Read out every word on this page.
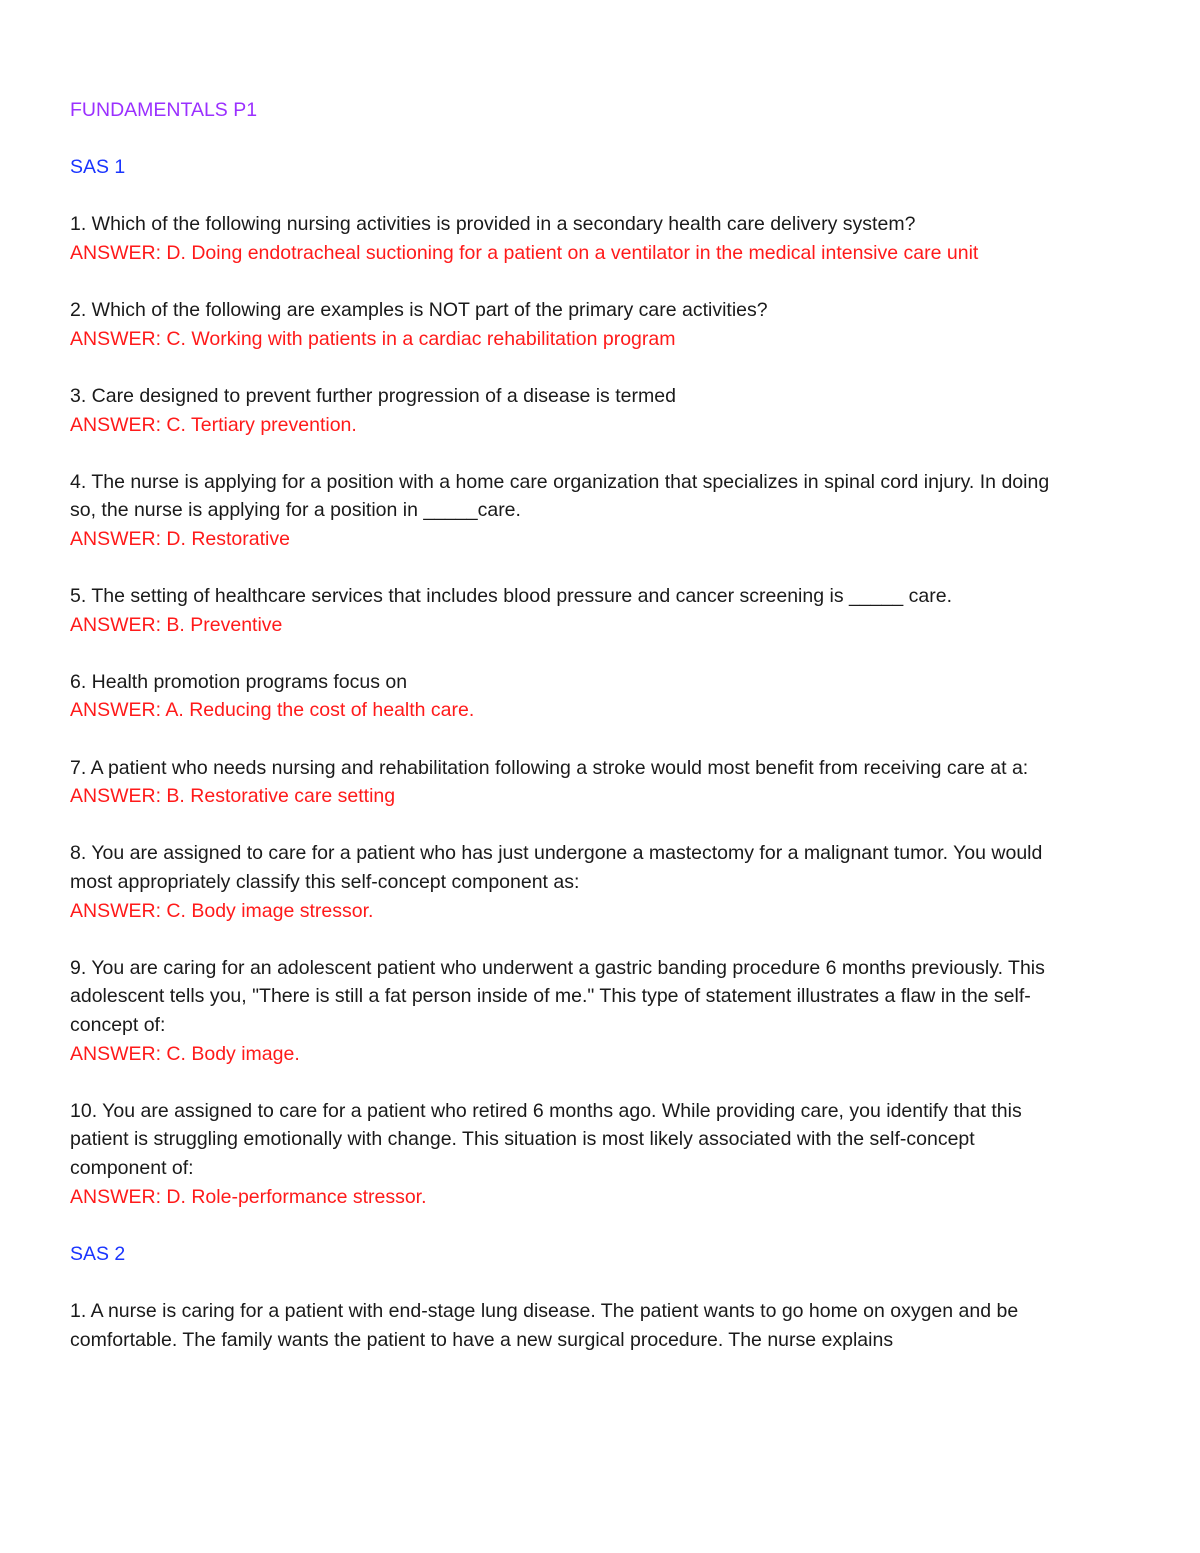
FUNDAMENTALS P1
SAS 1
1. Which of the following nursing activities is provided in a secondary health care delivery system?
ANSWER: D. Doing endotracheal suctioning for a patient on a ventilator in the medical intensive care unit
2. Which of the following are examples is NOT part of the primary care activities?
ANSWER: C. Working with patients in a cardiac rehabilitation program
3. Care designed to prevent further progression of a disease is termed
ANSWER: C. Tertiary prevention.
4. The nurse is applying for a position with a home care organization that specializes in spinal cord injury. In doing so, the nurse is applying for a position in _____care.
ANSWER: D. Restorative
5. The setting of healthcare services that includes blood pressure and cancer screening is _____ care.
ANSWER: B. Preventive
6. Health promotion programs focus on
ANSWER: A. Reducing the cost of health care.
7. A patient who needs nursing and rehabilitation following a stroke would most benefit from receiving care at a:
ANSWER: B. Restorative care setting
8. You are assigned to care for a patient who has just undergone a mastectomy for a malignant tumor. You would most appropriately classify this self-concept component as:
ANSWER: C. Body image stressor.
9. You are caring for an adolescent patient who underwent a gastric banding procedure 6 months previously. This adolescent tells you, "There is still a fat person inside of me." This type of statement illustrates a flaw in the self-concept of:
ANSWER: C. Body image.
10. You are assigned to care for a patient who retired 6 months ago. While providing care, you identify that this patient is struggling emotionally with change. This situation is most likely associated with the self-concept component of:
ANSWER: D. Role-performance stressor.
SAS 2
1. A nurse is caring for a patient with end-stage lung disease. The patient wants to go home on oxygen and be comfortable. The family wants the patient to have a new surgical procedure. The nurse explains
